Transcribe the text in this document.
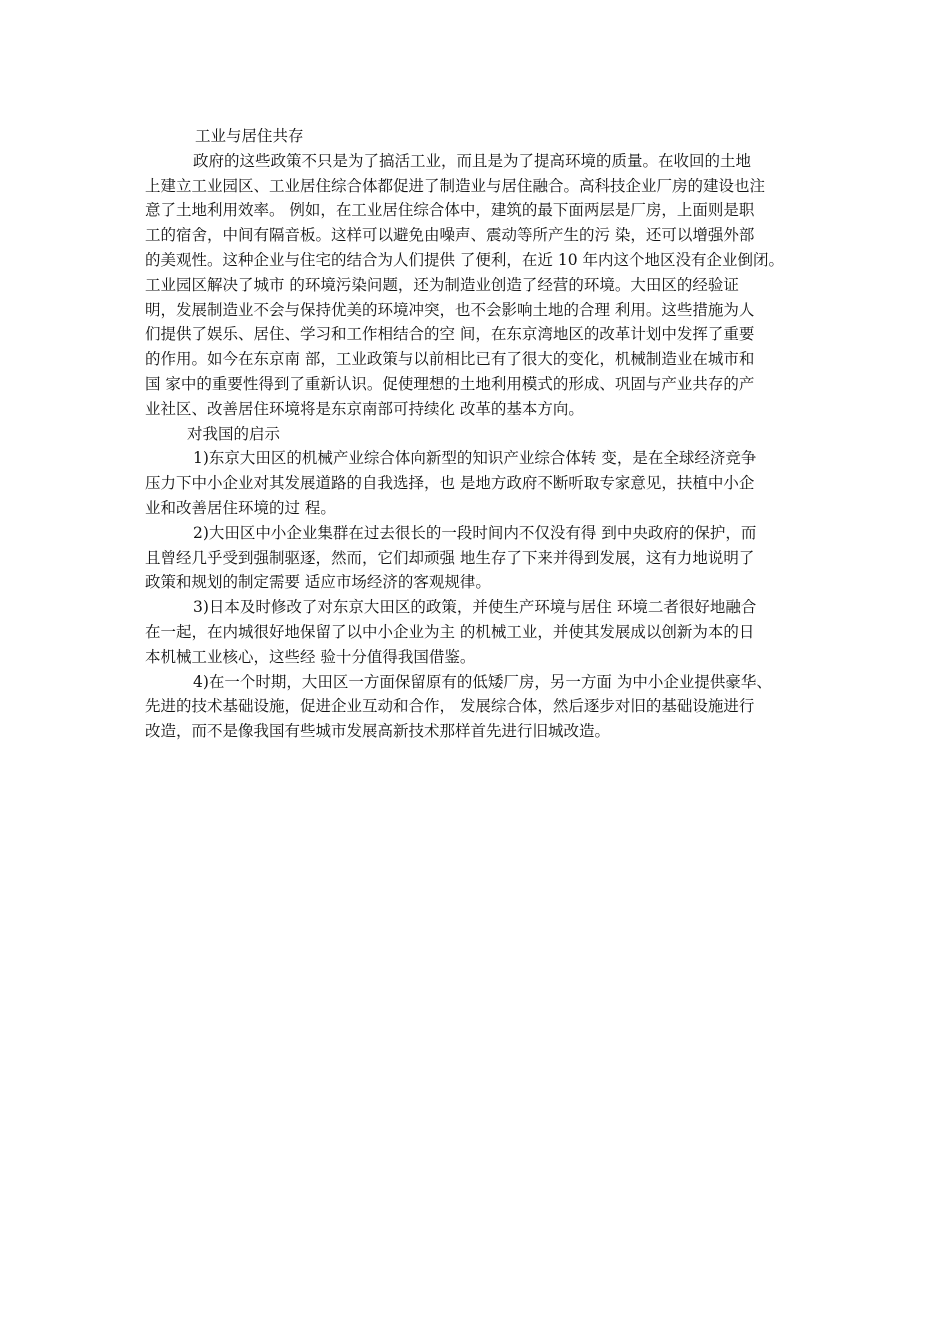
工业与居住共存
政府的这些政策不只是为了搞活工业，而且是为了提高环境的质量。在收回的土地
上建立工业园区、工业居住综合体都促进了制造业与居住融合。高科技企业厂房的建设也注
意了土地利用效率。 例如，在工业居住综合体中，建筑的最下面两层是厂房，上面则是职
工的宿舍，中间有隔音板。这样可以避免由噪声、震动等所产生的污 染，还可以增强外部
的美观性。这种企业与住宅的结合为人们提供 了便利，在近 10 年内这个地区没有企业倒闭。
工业园区解决了城市 的环境污染问题，还为制造业创造了经营的环境。大田区的经验证
明，发展制造业不会与保持优美的环境冲突，也不会影响土地的合理 利用。这些措施为人
们提供了娱乐、居住、学习和工作相结合的空 间，在东京湾地区的改革计划中发挥了重要
的作用。如今在东京南 部，工业政策与以前相比已有了很大的变化，机械制造业在城市和
国 家中的重要性得到了重新认识。促使理想的土地利用模式的形成、巩固与产业共存的产
业社区、改善居住环境将是东京南部可持续化 改革的基本方向。
对我国的启示
1)东京大田区的机械产业综合体向新型的知识产业综合体转 变，是在全球经济竞争
压力下中小企业对其发展道路的自我选择，也 是地方政府不断听取专家意见，扶植中小企
业和改善居住环境的过 程。
2)大田区中小企业集群在过去很长的一段时间内不仅没有得 到中央政府的保护，而
且曾经几乎受到强制驱逐，然而，它们却顽强 地生存了下来并得到发展，这有力地说明了
政策和规划的制定需要 适应市场经济的客观规律。
3)日本及时修改了对东京大田区的政策，并使生产环境与居住 环境二者很好地融合
在一起，在内城很好地保留了以中小企业为主 的机械工业，并使其发展成以创新为本的日
本机械工业核心，这些经 验十分值得我国借鉴。
4)在一个时期，大田区一方面保留原有的低矮厂房，另一方面 为中小企业提供豪华、
先进的技术基础设施，促进企业互动和合作， 发展综合体，然后逐步对旧的基础设施进行
改造，而不是像我国有些城市发展高新技术那样首先进行旧城改造。
